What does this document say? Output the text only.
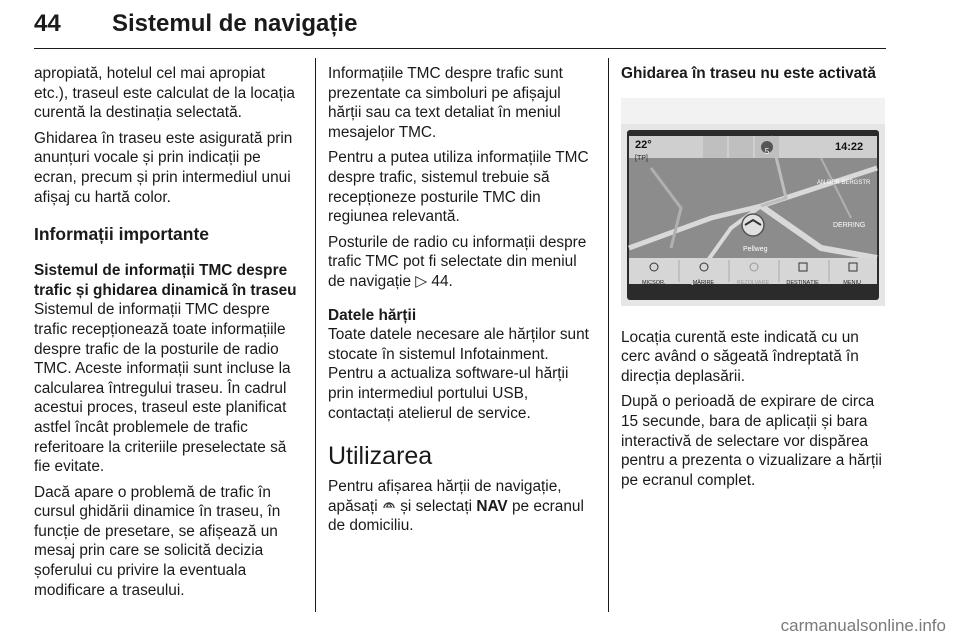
44 Sistemul de navigație

apropiată, hotelul cel mai apropiat etc.), traseul este calculat de la locația curentă la destinația selectată.

Ghidarea în traseu este asigurată prin anunțuri vocale și prin indicații pe ecran, precum și prin intermediul unui afișaj cu hartă color.

Informații importante
Sistemul de informații TMC despre trafic și ghidarea dinamică în traseu

Sistemul de informații TMC despre trafic recepționează toate informațiile despre trafic de la posturile de radio TMC. Aceste informații sunt incluse la calcularea întregului traseu. În cadrul acestui proces, traseul este planificat astfel încât problemele de trafic referitoare la criteriile preselectate să fie evitate.

Dacă apare o problemă de trafic în cursul ghidării dinamice în traseu, în funcție de presetare, se afișează un mesaj prin care se solicită decizia șoferului cu privire la eventuala modificare a traseului.

Informațiile TMC despre trafic sunt prezentate ca simboluri pe afișajul hărții sau ca text detaliat în meniul mesajelor TMC.

Pentru a putea utiliza informațiile TMC despre trafic, sistemul trebuie să recepționeze posturile TMC din regiunea relevantă.

Posturile de radio cu informații despre trafic TMC pot fi selectate din meniul de navigație ▷ 44.

Datele hărții

Toate datele necesare ale hărților sunt stocate în sistemul Infotainment. Pentru a actualiza software-ul hărții prin intermediul portului USB, contactați atelierul de service.

Utilizarea

Pentru afișarea hărții de navigație, apăsați și selectați NAV pe ecranul de domiciliu.

Ghidarea în traseu nu este activată
22°
[TP]
5	14:22
AN DER BERGSTR
DERRING
Pellweg
MICȘOR.	MĂRIRE	REZOLVARE	DESTINAȚIE	MENIU

Locația curentă este indicată cu un cerc având o săgeată îndreptată în direcția deplasării.

După o perioadă de expirare de circa 15 secunde, bara de aplicații și bara interactivă de selectare vor dispărea pentru a prezenta o vizualizare a hărții pe ecranul complet.

carmanualsonline.info
